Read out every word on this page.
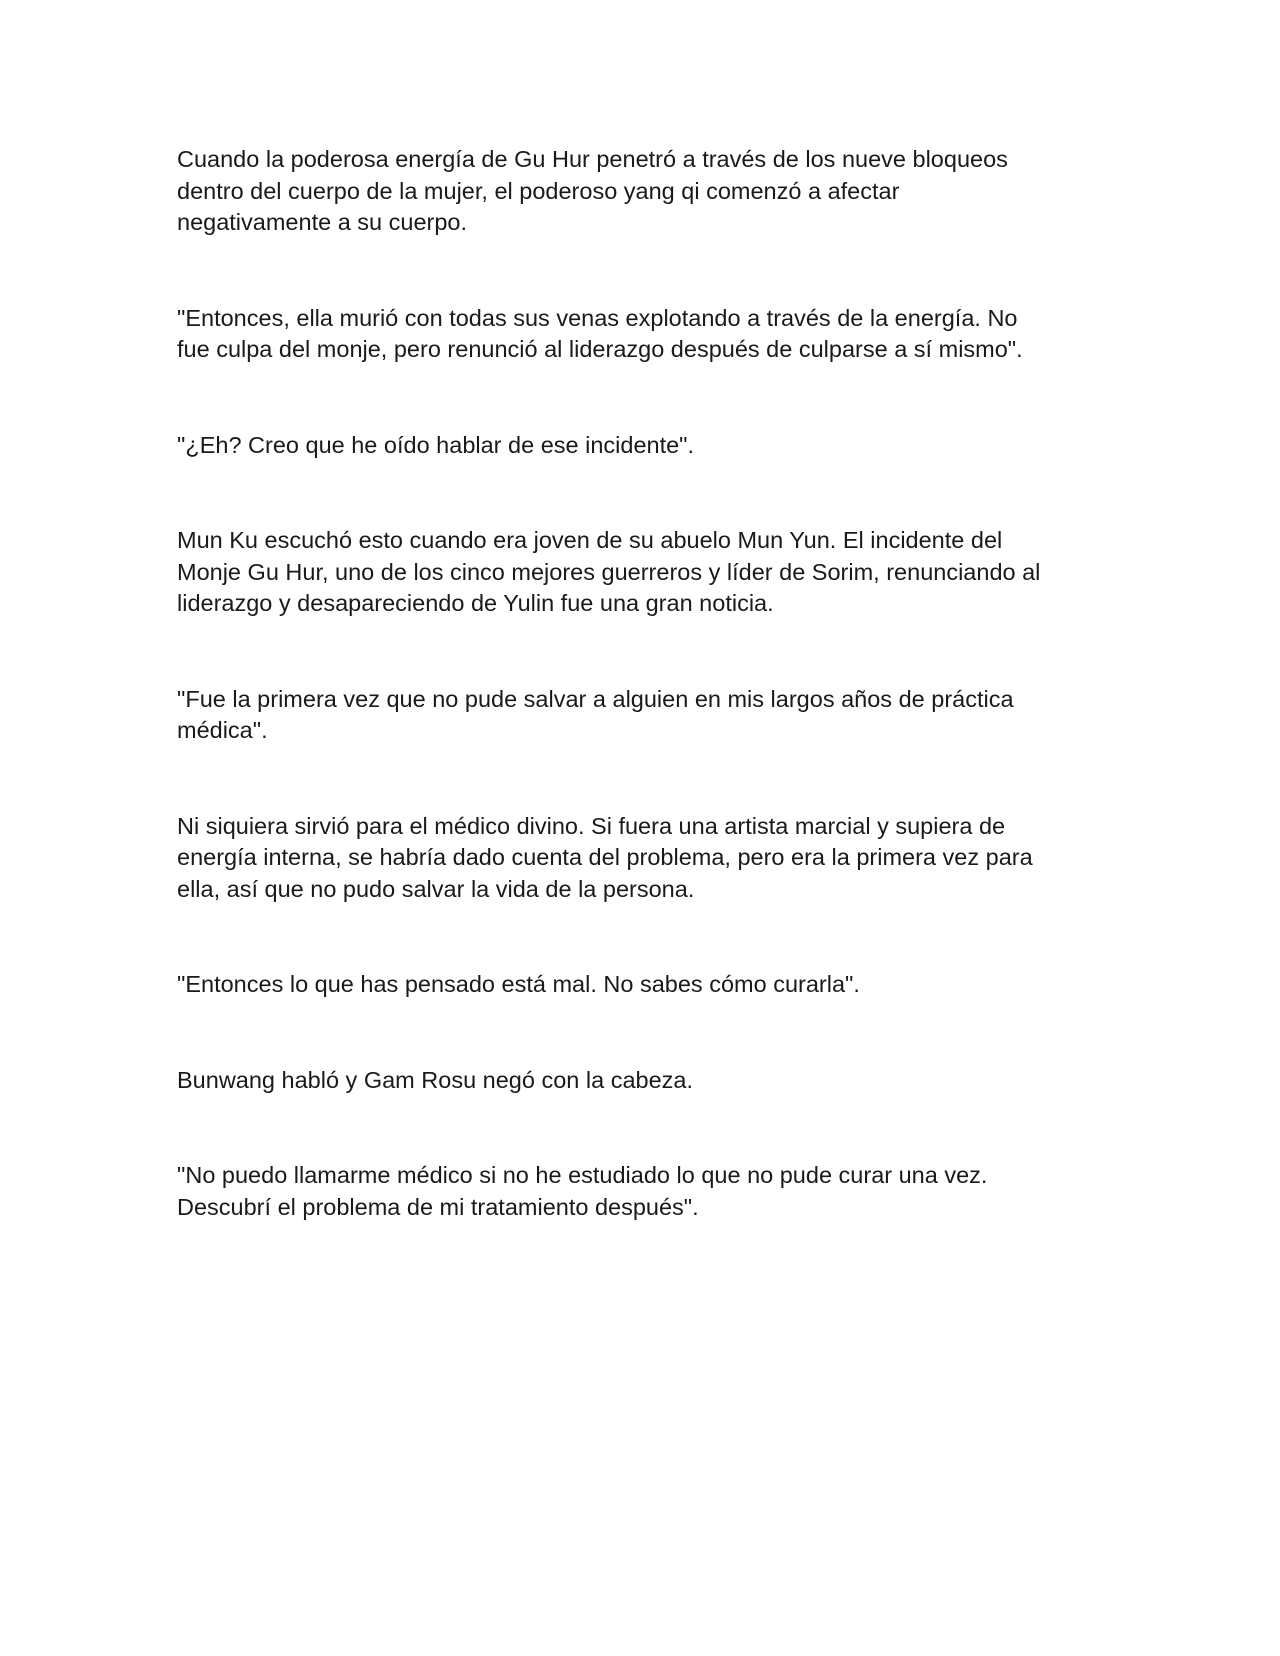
Cuando la poderosa energía de Gu Hur penetró a través de los nueve bloqueos
dentro del cuerpo de la mujer, el poderoso yang qi comenzó a afectar
negativamente a su cuerpo.

"Entonces, ella murió con todas sus venas explotando a través de la energía. No
fue culpa del monje, pero renunció al liderazgo después de culparse a sí mismo".

"¿Eh? Creo que he oído hablar de ese incidente".

Mun Ku escuchó esto cuando era joven de su abuelo Mun Yun. El incidente del
Monje Gu Hur, uno de los cinco mejores guerreros y líder de Sorim, renunciando al
liderazgo y desapareciendo de Yulin fue una gran noticia.

"Fue la primera vez que no pude salvar a alguien en mis largos años de práctica
médica".

Ni siquiera sirvió para el médico divino. Si fuera una artista marcial y supiera de
energía interna, se habría dado cuenta del problema, pero era la primera vez para
ella, así que no pudo salvar la vida de la persona.

"Entonces lo que has pensado está mal. No sabes cómo curarla".

Bunwang habló y Gam Rosu negó con la cabeza.

"No puedo llamarme médico si no he estudiado lo que no pude curar una vez.
Descubrí el problema de mi tratamiento después".
